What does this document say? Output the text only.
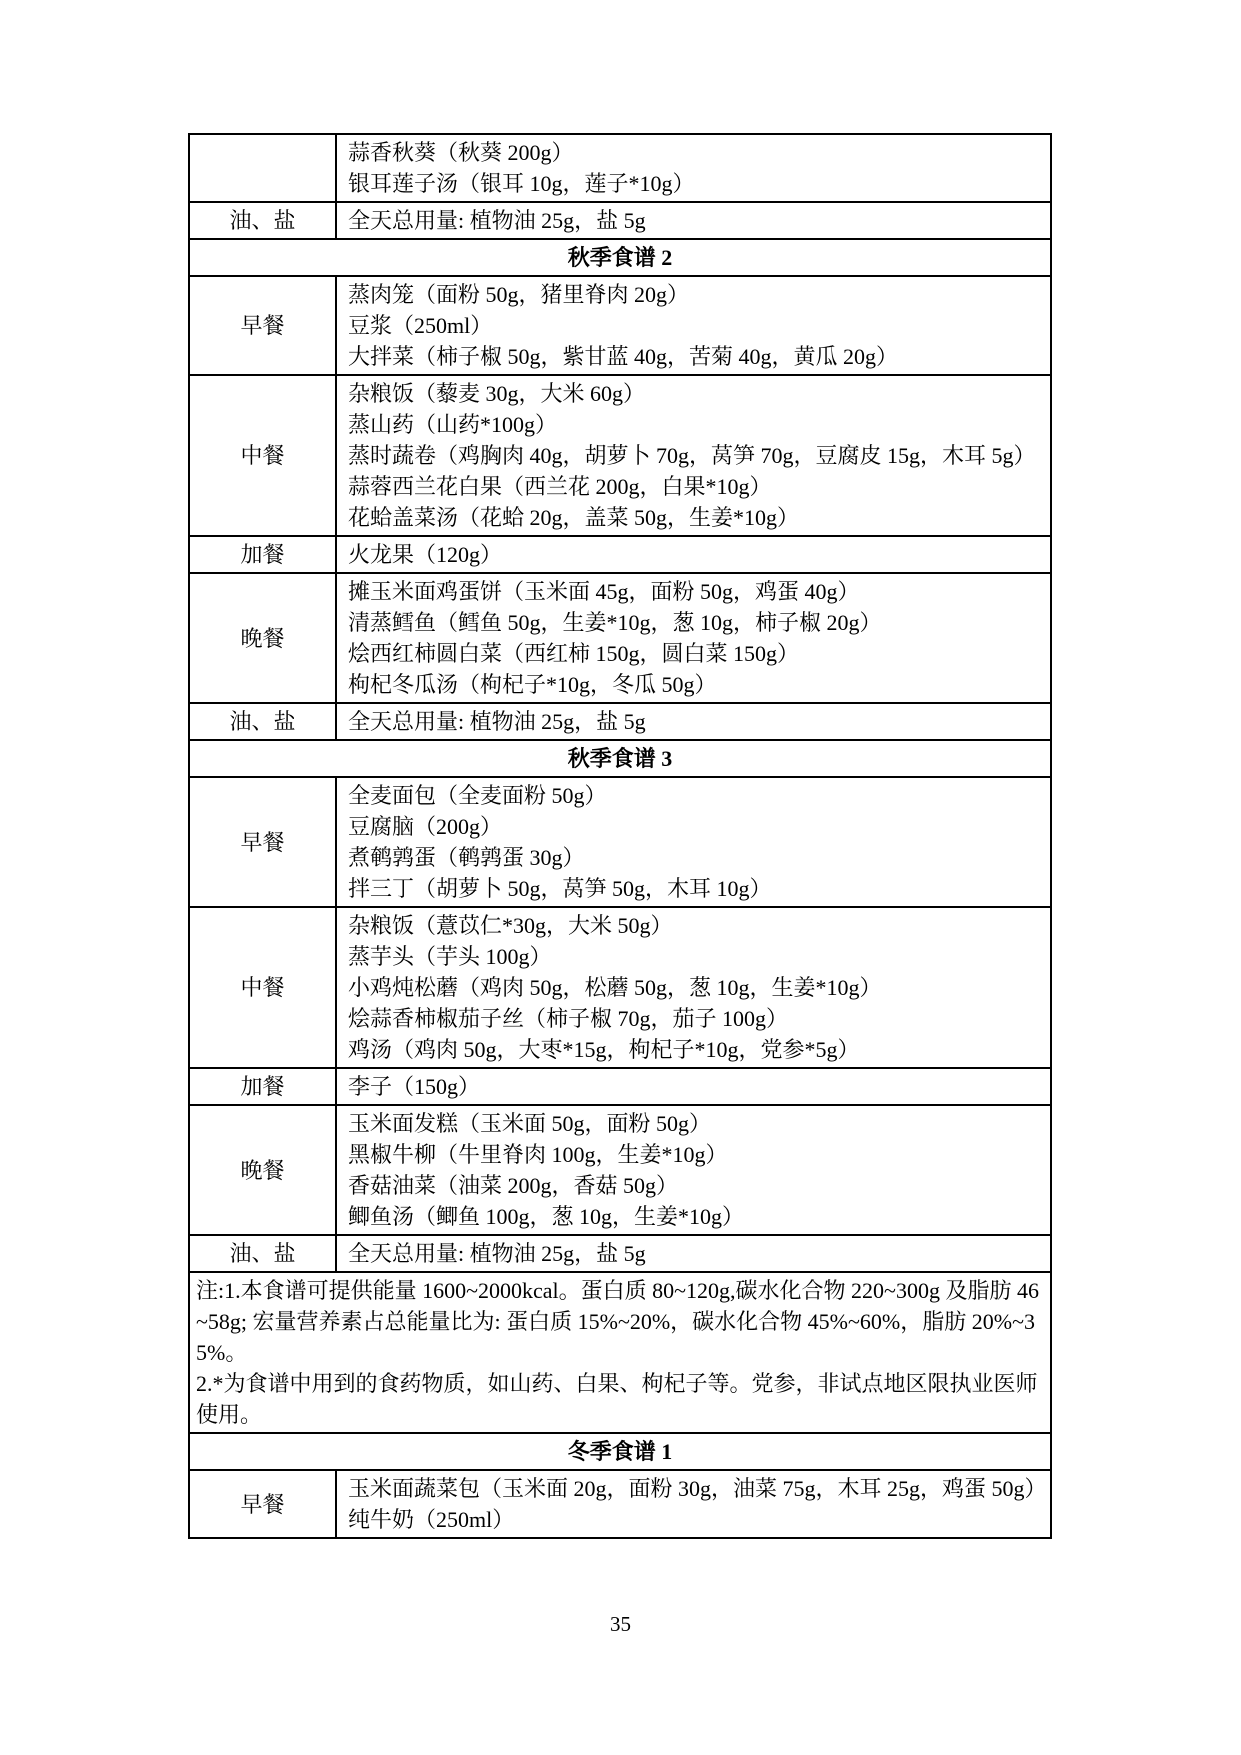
	蒜香秋葵（秋葵 200g）
银耳莲子汤（银耳 10g，莲子*10g）

油、盐	全天总用量: 植物油 25g，盐 5g

秋季食谱 2	
早餐	蒸肉笼（面粉 50g，猪里脊肉 20g）
豆浆（250ml）
大拌菜（柿子椒 50g，紫甘蓝 40g，苦菊 40g，黄瓜 20g）

中餐	杂粮饭（藜麦 30g，大米 60g）
蒸山药（山药*100g）
蒸时蔬卷（鸡胸肉 40g，胡萝卜 70g，莴笋 70g，豆腐皮 15g，木耳 5g）
蒜蓉西兰花白果（西兰花 200g，白果*10g）
花蛤盖菜汤（花蛤 20g，盖菜 50g，生姜*10g）

加餐	火龙果（120g）

晚餐	摊玉米面鸡蛋饼（玉米面 45g，面粉 50g，鸡蛋 40g）
清蒸鳕鱼（鳕鱼 50g，生姜*10g，葱 10g，柿子椒 20g）
烩西红柿圆白菜（西红柿 150g，圆白菜 150g）
枸杞冬瓜汤（枸杞子*10g，冬瓜 50g）

油、盐	全天总用量: 植物油 25g，盐 5g

秋季食谱 3	
早餐	全麦面包（全麦面粉 50g）
豆腐脑（200g）
煮鹌鹑蛋（鹌鹑蛋 30g）
拌三丁（胡萝卜 50g，莴笋 50g，木耳 10g）

中餐	杂粮饭（薏苡仁*30g，大米 50g）
蒸芋头（芋头 100g）
小鸡炖松蘑（鸡肉 50g，松蘑 50g，葱 10g，生姜*10g）
烩蒜香柿椒茄子丝（柿子椒 70g，茄子 100g）
鸡汤（鸡肉 50g，大枣*15g，枸杞子*10g，党参*5g）

加餐	李子（150g）

晚餐	玉米面发糕（玉米面 50g，面粉 50g）
黑椒牛柳（牛里脊肉 100g，生姜*10g）
香菇油菜（油菜 200g，香菇 50g）
鲫鱼汤（鲫鱼 100g，葱 10g，生姜*10g）

油、盐	全天总用量: 植物油 25g，盐 5g

注:1.本食谱可提供能量 1600~2000kcal。蛋白质 80~120g,碳水化合物 220~300g 及脂肪 46~58g; 宏量营养素占总能量比为: 蛋白质 15%~20%，碳水化合物 45%~60%，脂肪 20%~35%。
2.*为食谱中用到的食药物质，如山药、白果、枸杞子等。党参，非试点地区限执业医师使用。	

冬季食谱 1	
早餐	玉米面蔬菜包（玉米面 20g，面粉 30g，油菜 75g，木耳 25g，鸡蛋 50g）
纯牛奶（250ml）
35
